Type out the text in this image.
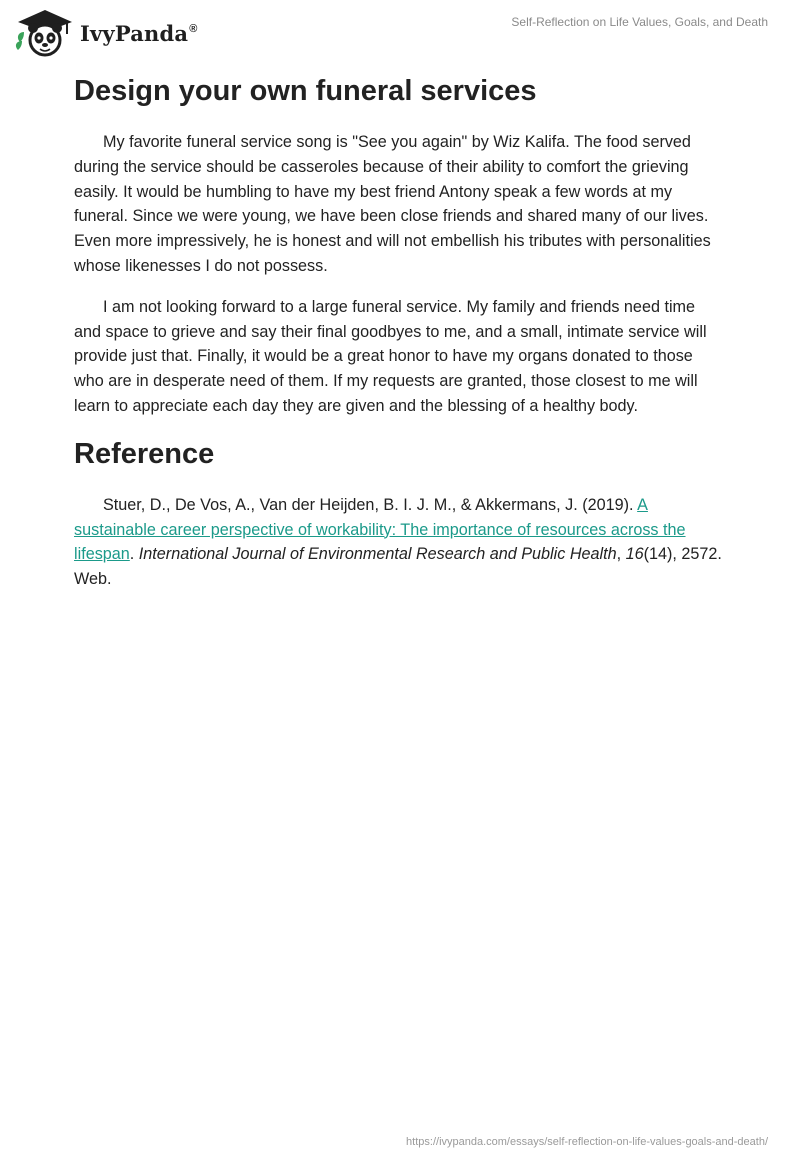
IvyPanda®	Self-Reflection on Life Values, Goals, and Death
Design your own funeral services

My favorite funeral service song is "See you again" by Wiz Kalifa. The food served during the service should be casseroles because of their ability to comfort the grieving easily. It would be humbling to have my best friend Antony speak a few words at my funeral. Since we were young, we have been close friends and shared many of our lives. Even more impressively, he is honest and will not embellish his tributes with personalities whose likenesses I do not possess.

I am not looking forward to a large funeral service. My family and friends need time and space to grieve and say their final goodbyes to me, and a small, intimate service will provide just that. Finally, it would be a great honor to have my organs donated to those who are in desperate need of them. If my requests are granted, those closest to me will learn to appreciate each day they are given and the blessing of a healthy body.

Reference

Stuer, D., De Vos, A., Van der Heijden, B. I. J. M., & Akkermans, J. (2019). A sustainable career perspective of workability: The importance of resources across the lifespan. International Journal of Environmental Research and Public Health, 16(14), 2572. Web.

https://ivypanda.com/essays/self-reflection-on-life-values-goals-and-death/
